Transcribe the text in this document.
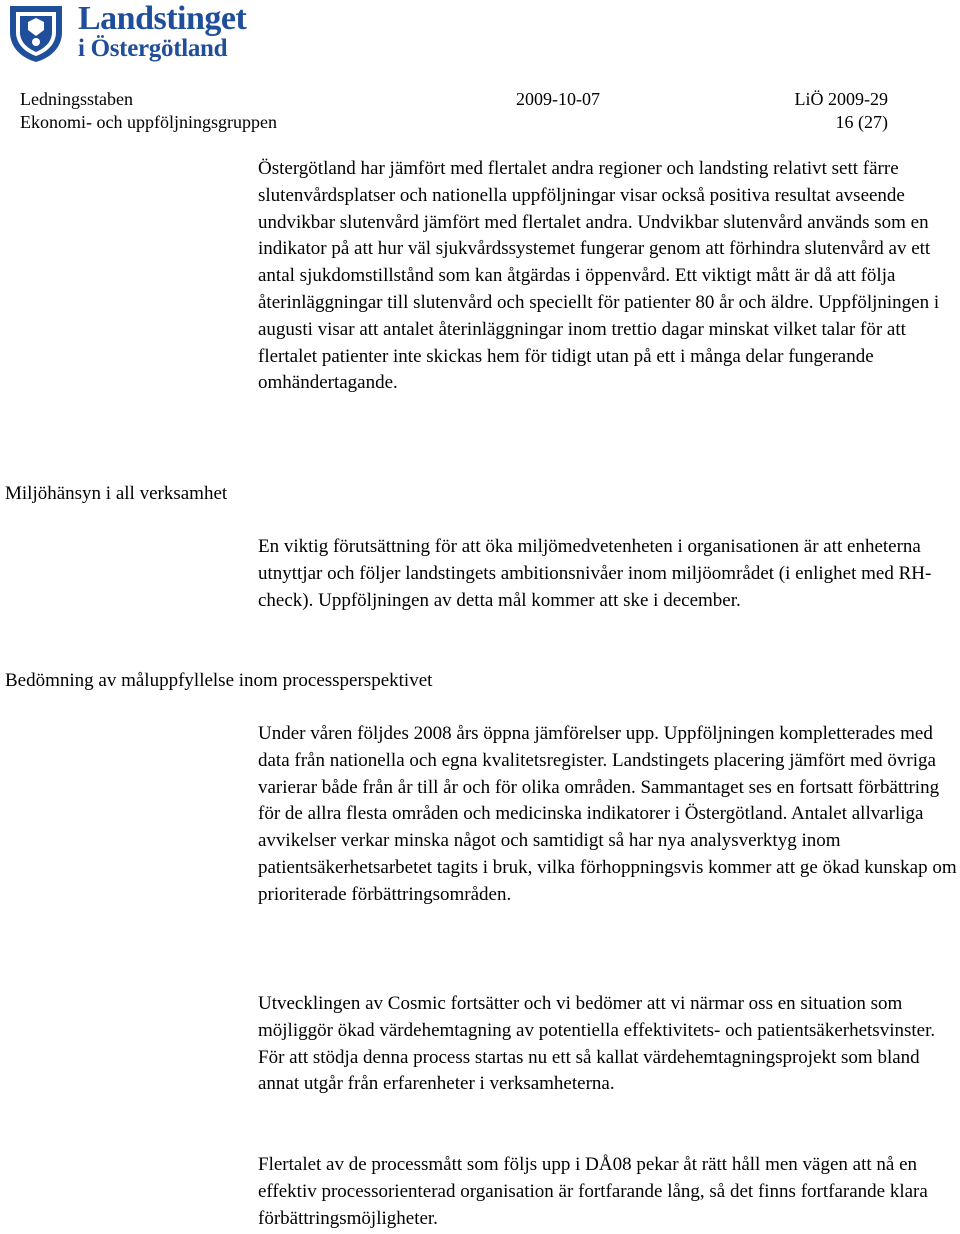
Landstinget
i Östergötland
Ledningsstaben	2009-10-07	LiÖ 2009-29
Ekonomi- och uppföljningsgruppen	16 (27)

Östergötland har jämfört med flertalet andra regioner och landsting relativt sett färre slutenvårdsplatser och nationella uppföljningar visar också positiva resultat avseende undvikbar slutenvård jämfört med flertalet andra. Undvikbar slutenvård används som en indikator på att hur väl sjukvårdssystemet fungerar genom att förhindra slutenvård av ett antal sjukdomstillstånd som kan åtgärdas i öppenvård. Ett viktigt mått är då att följa återinläggningar till slutenvård och speciellt för patienter 80 år och äldre. Uppföljningen i augusti visar att antalet återinläggningar inom trettio dagar minskat vilket talar för att flertalet patienter inte skickas hem för tidigt utan på ett i många delar fungerande omhändertagande.

Miljöhänsyn i all verksamhet

En viktig förutsättning för att öka miljömedvetenheten i organisationen är att enheterna utnyttjar och följer landstingets ambitionsnivåer inom miljöområdet (i enlighet med RH-check). Uppföljningen av detta mål kommer att ske i december.

Bedömning av måluppfyllelse inom processperspektivet

Under våren följdes 2008 års öppna jämförelser upp. Uppföljningen kompletterades med data från nationella och egna kvalitetsregister. Landstingets placering jämfört med övriga varierar både från år till år och för olika områden. Sammantaget ses en fortsatt förbättring för de allra flesta områden och medicinska indikatorer i Östergötland. Antalet allvarliga avvikelser verkar minska något och samtidigt så har nya analysverktyg inom patientsäkerhetsarbetet tagits i bruk, vilka förhoppningsvis kommer att ge ökad kunskap om prioriterade förbättringsområden.

Utvecklingen av Cosmic fortsätter och vi bedömer att vi närmar oss en situation som möjliggör ökad värdehemtagning av potentiella effektivitets- och patientsäkerhetsvinster. För att stödja denna process startas nu ett så kallat värdehemtagningsprojekt som bland annat utgår från erfarenheter i verksamheterna.

Flertalet av de processmått som följs upp i DÅ08 pekar åt rätt håll men vägen att nå en effektiv processorienterad organisation är fortfarande lång, så det finns fortfarande klara förbättringsmöjligheter.
